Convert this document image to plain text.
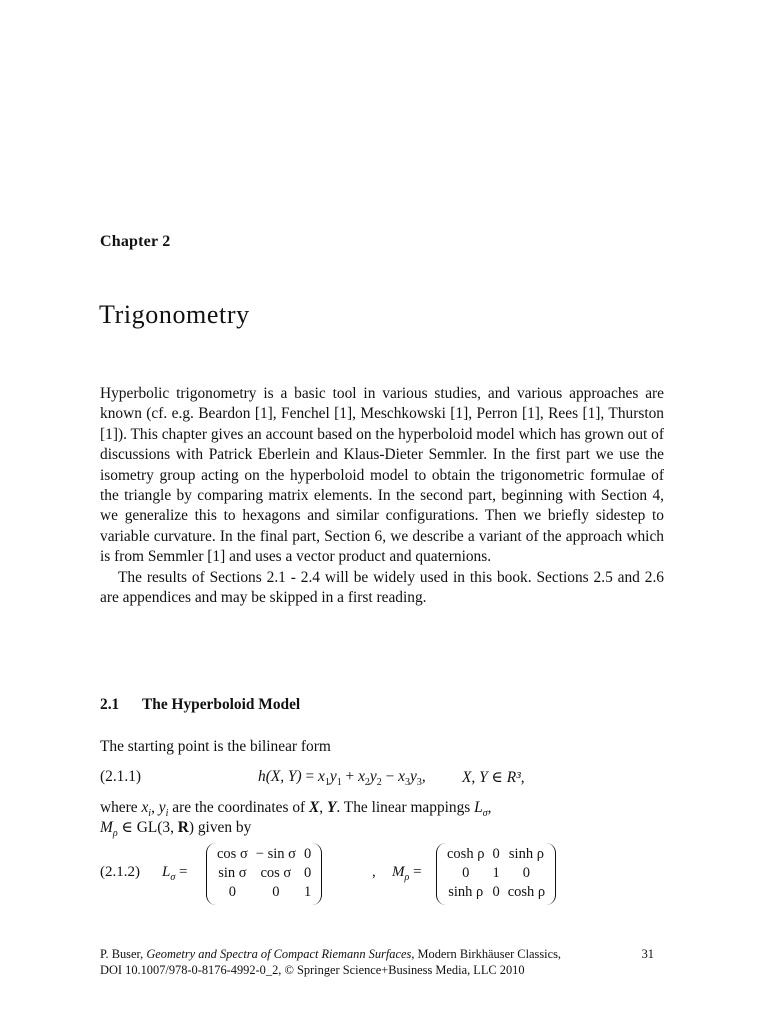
Chapter 2
Trigonometry

Hyperbolic trigonometry is a basic tool in various studies, and various approaches are known (cf. e.g. Beardon [1], Fenchel [1], Meschkowski [1], Perron [1], Rees [1], Thurston [1]). This chapter gives an account based on the hyperboloid model which has grown out of discussions with Patrick Eberlein and Klaus-Dieter Semmler. In the first part we use the isometry group acting on the hyperboloid model to obtain the trigonometric formulae of the triangle by comparing matrix elements. In the second part, beginning with Section 4, we generalize this to hexagons and similar configurations. Then we briefly sidestep to variable curvature. In the final part, Section 6, we describe a variant of the approach which is from Semmler [1] and uses a vector product and quaternions.

The results of Sections 2.1 - 2.4 will be widely used in this book. Sections 2.5 and 2.6 are appendices and may be skipped in a first reading.

2.1 The Hyperboloid Model
The starting point is the bilinear form
(2.1.1)	h(X, $Y) = x_1y_1 + x_2y_2 - x_3y_3$, X, Y ∈ R³,
where $x_i$, $y_i$ are the coordinates of X, Y. The linear mappings $L_\sigma$,
$M_\rho$ ∈ GL(3, R) given by
(2.1.2) $L_\sigma$ =
cos σ	− sin σ	0
sin σ	cos σ	0
0	0	1
, $M_\rho$ =
cosh ρ	0	sinh ρ
0	1	0
sinh ρ	0	cosh ρ
P. Buser, Geometry and Spectra of Compact Riemann Surfaces, Modern Birkhäuser Classics,
DOI 10.1007/978-0-8176-4992-0_2, © Springer Science+Business Media, LLC 2010
31
